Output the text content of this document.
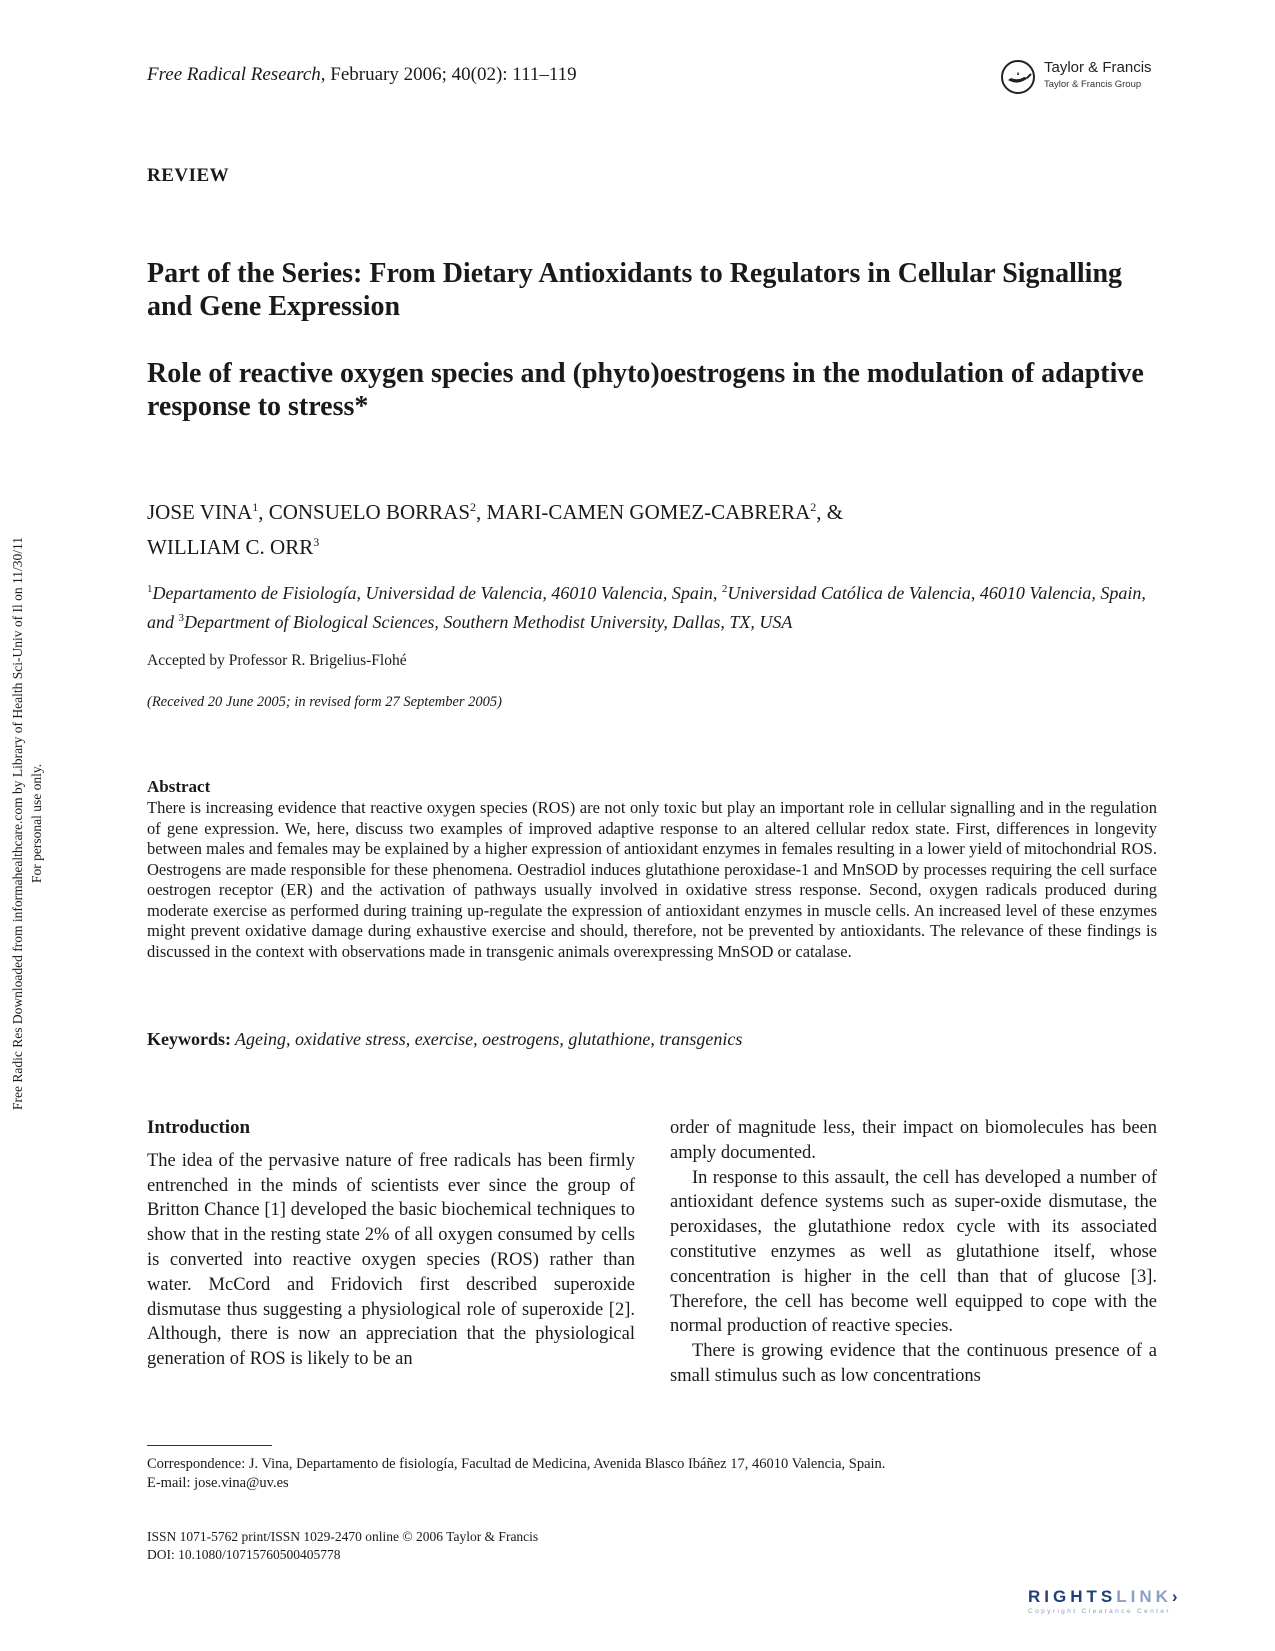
Free Radical Research, February 2006; 40(02): 111–119	Taylor & Francis
Taylor & Francis Group
REVIEW
Part of the Series: From Dietary Antioxidants to Regulators in Cellular Signalling and Gene Expression
Role of reactive oxygen species and (phyto)oestrogens in the modulation of adaptive response to stress*
JOSE VINA$^1$, CONSUELO BORRAS$^2$, MARI-CAMEN GOMEZ-CABRERA$^2$, &
WILLIAM C. ORR$^3$
$^1$Departamento de Fisiología, Universidad de Valencia, 46010 Valencia, Spain, $^2$Universidad Católica de Valencia, 46010 Valencia, Spain, and $^3$Department of Biological Sciences, Southern Methodist University, Dallas, TX, USA
Accepted by Professor R. Brigelius-Flohé
(Received 20 June 2005; in revised form 27 September 2005)
Free Radic Res Downloaded from informahealthcare.com by Library of Health Sci-Univ of Il on 11/30/11 For personal use only.	Abstract
There is increasing evidence that reactive oxygen species (ROS) are not only toxic but play an important role in cellular signalling and in the regulation of gene expression. We, here, discuss two examples of improved adaptive response to an altered cellular redox state. First, differences in longevity between males and females may be explained by a higher expression of antioxidant enzymes in females resulting in a lower yield of mitochondrial ROS. Oestrogens are made responsible for these phenomena. Oestradiol induces glutathione peroxidase-1 and MnSOD by processes requiring the cell surface oestrogen receptor (ER) and the activation of pathways usually involved in oxidative stress response. Second, oxygen radicals produced during moderate exercise as performed during training up-regulate the expression of antioxidant enzymes in muscle cells. An increased level of these enzymes might prevent oxidative damage during exhaustive exercise and should, therefore, not be prevented by antioxidants. The relevance of these findings is discussed in the context with observations made in transgenic animals overexpressing MnSOD or catalase.
Keywords: Ageing, oxidative stress, exercise, oestrogens, glutathione, transgenics

Introduction

The idea of the pervasive nature of free radicals has been firmly entrenched in the minds of scientists ever since the group of Britton Chance [1] developed the basic biochemical techniques to show that in the resting state 2% of all oxygen consumed by cells is converted into reactive oxygen species (ROS) rather than water. McCord and Fridovich first described superoxide dismutase thus suggesting a physiological role of superoxide [2]. Although, there is now an appreciation that the physiological generation of ROS is likely to be an

order of magnitude less, their impact on biomolecules has been amply documented.

In response to this assault, the cell has developed a number of antioxidant defence systems such as super-oxide dismutase, the peroxidases, the glutathione redox cycle with its associated constitutive enzymes as well as glutathione itself, whose concentration is higher in the cell than that of glucose [3]. Therefore, the cell has become well equipped to cope with the normal production of reactive species.

There is growing evidence that the continuous presence of a small stimulus such as low concentrations

Correspondence: J. Vina, Departamento de fisiología, Facultad de Medicina, Avenida Blasco Ibáñez 17, 46010 Valencia, Spain.
E-mail: jose.vina@uv.es
ISSN 1071-5762 print/ISSN 1029-2470 online © 2006 Taylor & Francis
DOI: 10.1080/10715760500405778
RIGHTSLINK›
Copyright Clearance Center
